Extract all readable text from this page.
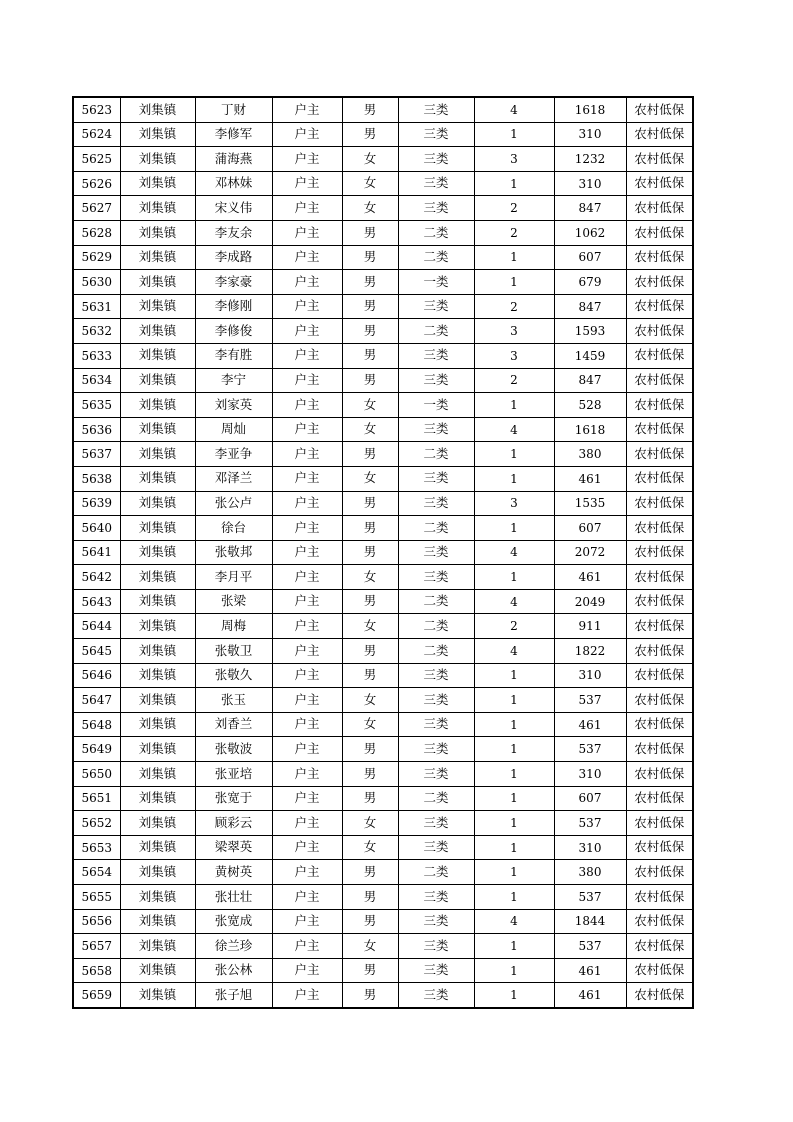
5623	刘集镇	丁财	户主	男	三类	4	1618	农村低保
5624	刘集镇	李修军	户主	男	三类	1	310	农村低保
5625	刘集镇	蒲海燕	户主	女	三类	3	1232	农村低保
5626	刘集镇	邓林妹	户主	女	三类	1	310	农村低保
5627	刘集镇	宋义伟	户主	女	三类	2	847	农村低保
5628	刘集镇	李友余	户主	男	二类	2	1062	农村低保
5629	刘集镇	李成路	户主	男	二类	1	607	农村低保
5630	刘集镇	李家豪	户主	男	一类	1	679	农村低保
5631	刘集镇	李修刚	户主	男	三类	2	847	农村低保
5632	刘集镇	李修俊	户主	男	二类	3	1593	农村低保
5633	刘集镇	李有胜	户主	男	三类	3	1459	农村低保
5634	刘集镇	李宁	户主	男	三类	2	847	农村低保
5635	刘集镇	刘家英	户主	女	一类	1	528	农村低保
5636	刘集镇	周灿	户主	女	三类	4	1618	农村低保
5637	刘集镇	李亚争	户主	男	二类	1	380	农村低保
5638	刘集镇	邓泽兰	户主	女	三类	1	461	农村低保
5639	刘集镇	张公卢	户主	男	三类	3	1535	农村低保
5640	刘集镇	徐台	户主	男	二类	1	607	农村低保
5641	刘集镇	张敬邦	户主	男	三类	4	2072	农村低保
5642	刘集镇	李月平	户主	女	三类	1	461	农村低保
5643	刘集镇	张梁	户主	男	二类	4	2049	农村低保
5644	刘集镇	周梅	户主	女	二类	2	911	农村低保
5645	刘集镇	张敬卫	户主	男	二类	4	1822	农村低保
5646	刘集镇	张敬久	户主	男	三类	1	310	农村低保
5647	刘集镇	张玉	户主	女	三类	1	537	农村低保
5648	刘集镇	刘香兰	户主	女	三类	1	461	农村低保
5649	刘集镇	张敬波	户主	男	三类	1	537	农村低保
5650	刘集镇	张亚培	户主	男	三类	1	310	农村低保
5651	刘集镇	张宽于	户主	男	二类	1	607	农村低保
5652	刘集镇	顾彩云	户主	女	三类	1	537	农村低保
5653	刘集镇	梁翠英	户主	女	三类	1	310	农村低保
5654	刘集镇	黄树英	户主	男	二类	1	380	农村低保
5655	刘集镇	张壮壮	户主	男	三类	1	537	农村低保
5656	刘集镇	张宽成	户主	男	三类	4	1844	农村低保
5657	刘集镇	徐兰珍	户主	女	三类	1	537	农村低保
5658	刘集镇	张公林	户主	男	三类	1	461	农村低保
5659	刘集镇	张子旭	户主	男	三类	1	461	农村低保
